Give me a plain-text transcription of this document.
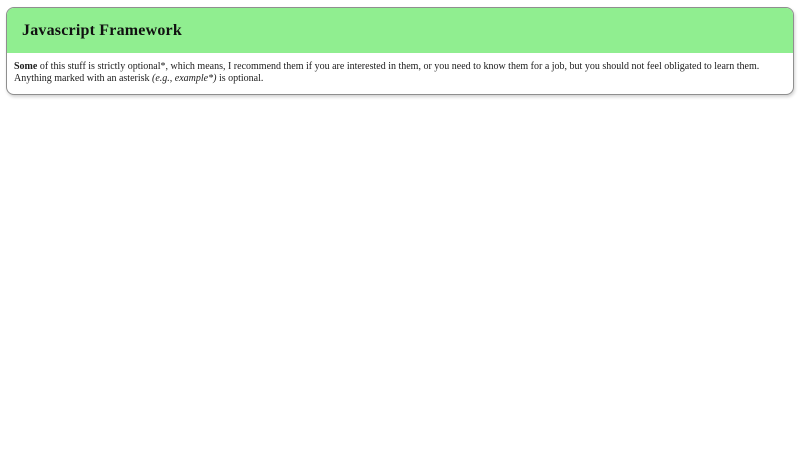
Javascript Framework

Some of this stuff is strictly optional*, which means, I recommend them if you are interested in them, or you need to know them for a job, but you should not feel obligated to learn them. Anything marked with an asterisk (e.g., example*) is optional.
